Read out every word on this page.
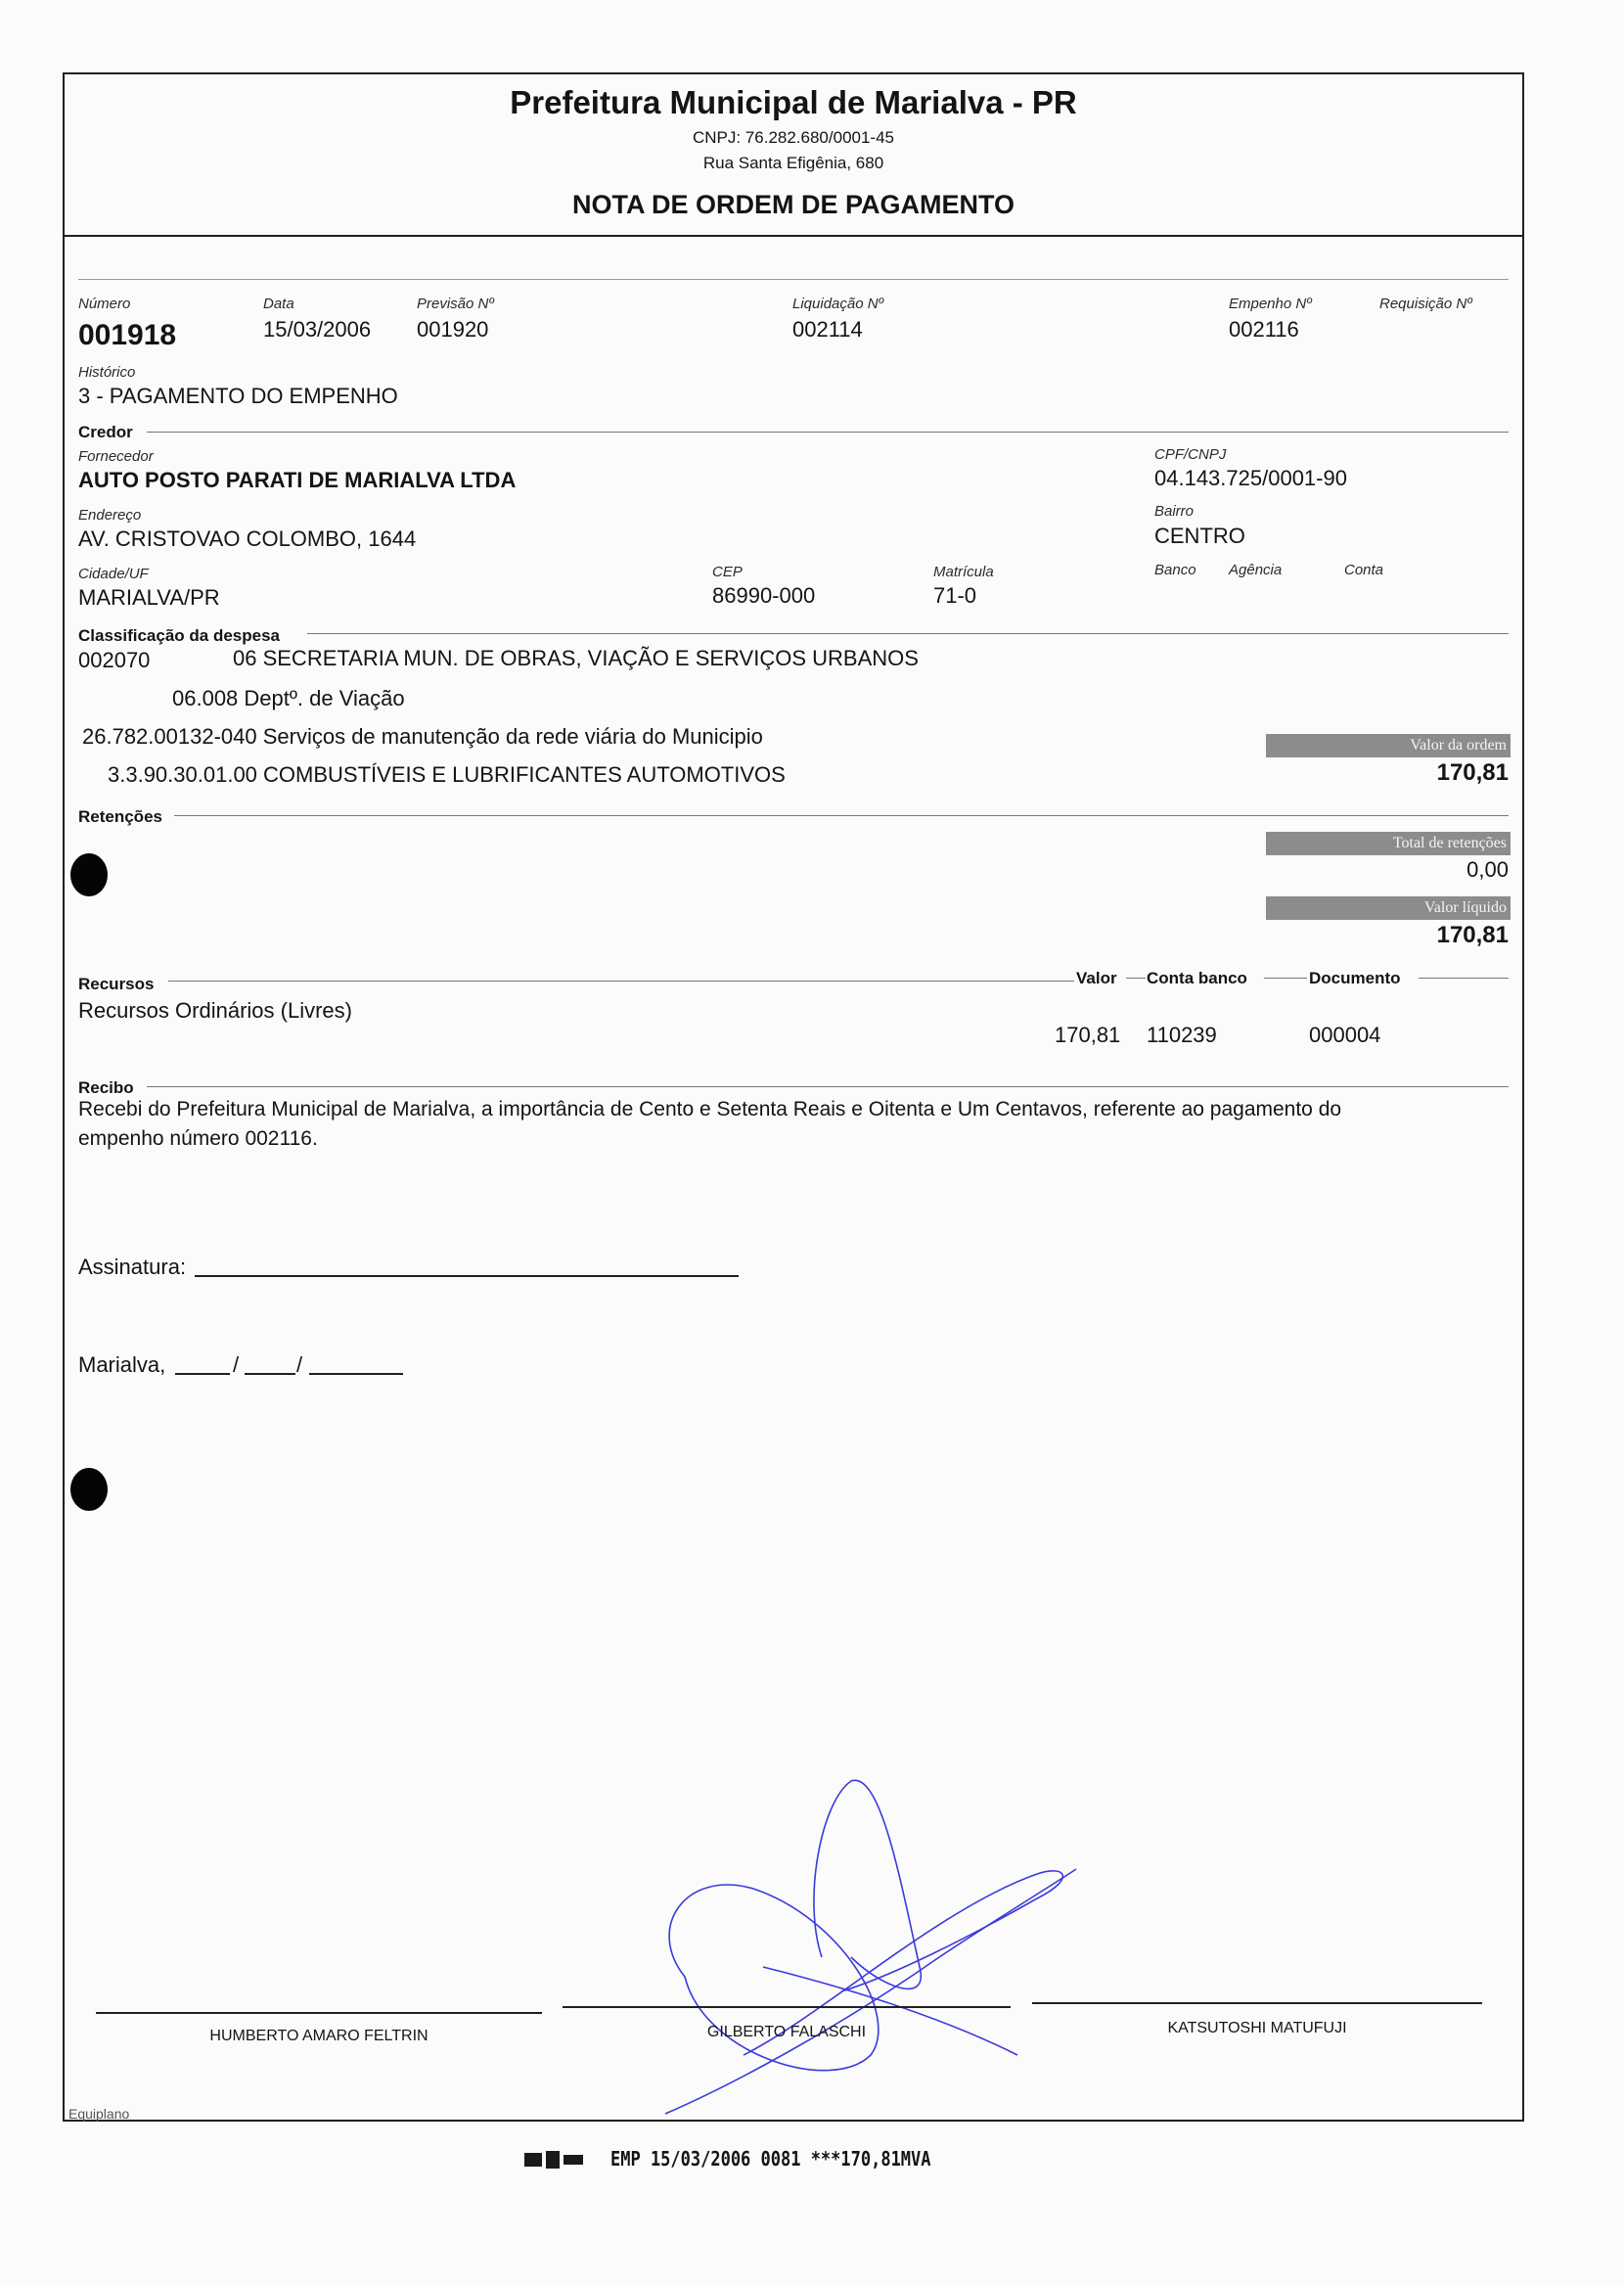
Prefeitura Municipal de Marialva - PR
CNPJ: 76.282.680/0001-45
Rua Santa Efigênia, 680
NOTA DE ORDEM DE PAGAMENTO
Número
001918
Data
15/03/2006
Previsão Nº
001920
Liquidação Nº
002114
Empenho Nº
002116
Requisição Nº
Histórico
3 - PAGAMENTO DO EMPENHO
Credor
Fornecedor
AUTO POSTO PARATI DE MARIALVA LTDA
CPF/CNPJ
04.143.725/0001-90
Endereço
AV. CRISTOVAO COLOMBO, 1644
Bairro
CENTRO
Cidade/UF
MARIALVA/PR
CEP
86990-000
Matrícula
71-0
Banco Agência	Conta
Classificação da despesa
002070	06 SECRETARIA MUN. DE OBRAS, VIAÇÃO E SERVIÇOS URBANOS
06.008 Deptº. de Viação
26.782.00132-040 Serviços de manutenção da rede viária do Municipio
3.3.90.30.01.00 COMBUSTÍVEIS E LUBRIFICANTES AUTOMOTIVOS
Valor da ordem
170,81
Retenções
Total de retenções
0,00
Valor líquido
170,81
Recursos	Valor Conta banco	Documento
Recursos Ordinários (Livres)
170,81 110239	000004
Recibo
Recebi do Prefeitura Municipal de Marialva, a importância de Cento e Setenta Reais e Oitenta e Um Centavos, referente ao pagamento do
empenho número 002116.
Assinatura:
Marialva,	/	/
HUMBERTO AMARO FELTRIN	GILBERTO FALASCHI	KATSUTOSHI MATUFUJI
Equiplano
EMP 15/03/2006 0081 ***170,81MVA
